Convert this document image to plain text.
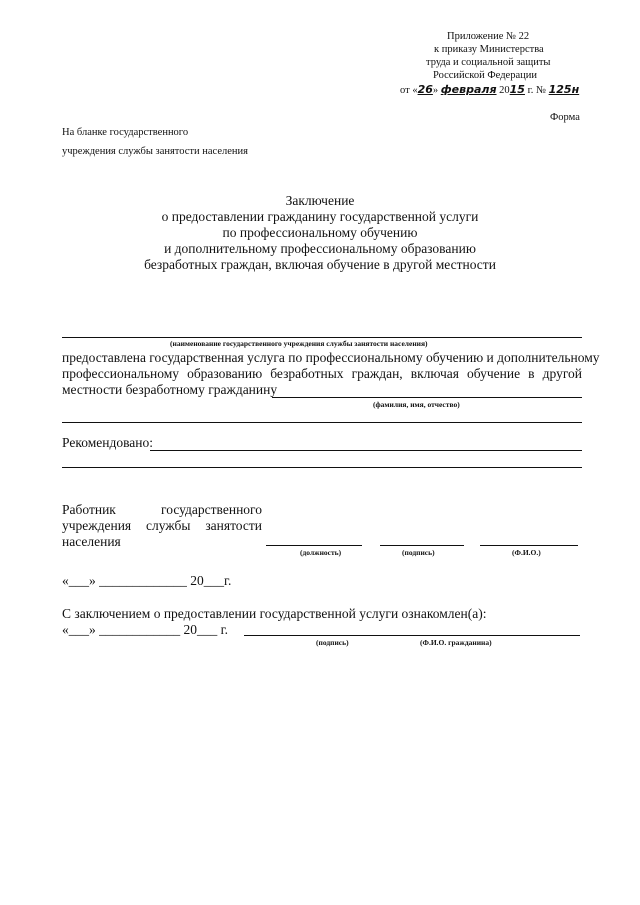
Приложение № 22
к приказу Министерства
труда и социальной защиты
Российской Федерации
от «26» февраля 2015 г. № 125н
Форма
На бланке государственного
учреждения службы занятости населения
Заключение
о предоставлении гражданину государственной услуги
по профессиональному обучению
и дополнительному профессиональному образованию
безработных граждан, включая обучение в другой местности
(наименование государственного учреждения службы занятости населения)
предоставлена государственная услуга по профессиональному обучению и дополнительному
профессиональному образованию безработных граждан, включая обучение в другой
местности безработному гражданину
(фамилия, имя, отчество)
Рекомендовано:
Работник государственного
учреждения службы занятости
населения
(должность)	(подпись)	(Ф.И.О.)
«___» _____________ 20___г.
С заключением о предоставлении государственной услуги ознакомлен(а):
«___» ____________ 20___ г.
(подпись)	(Ф.И.О. гражданина)
